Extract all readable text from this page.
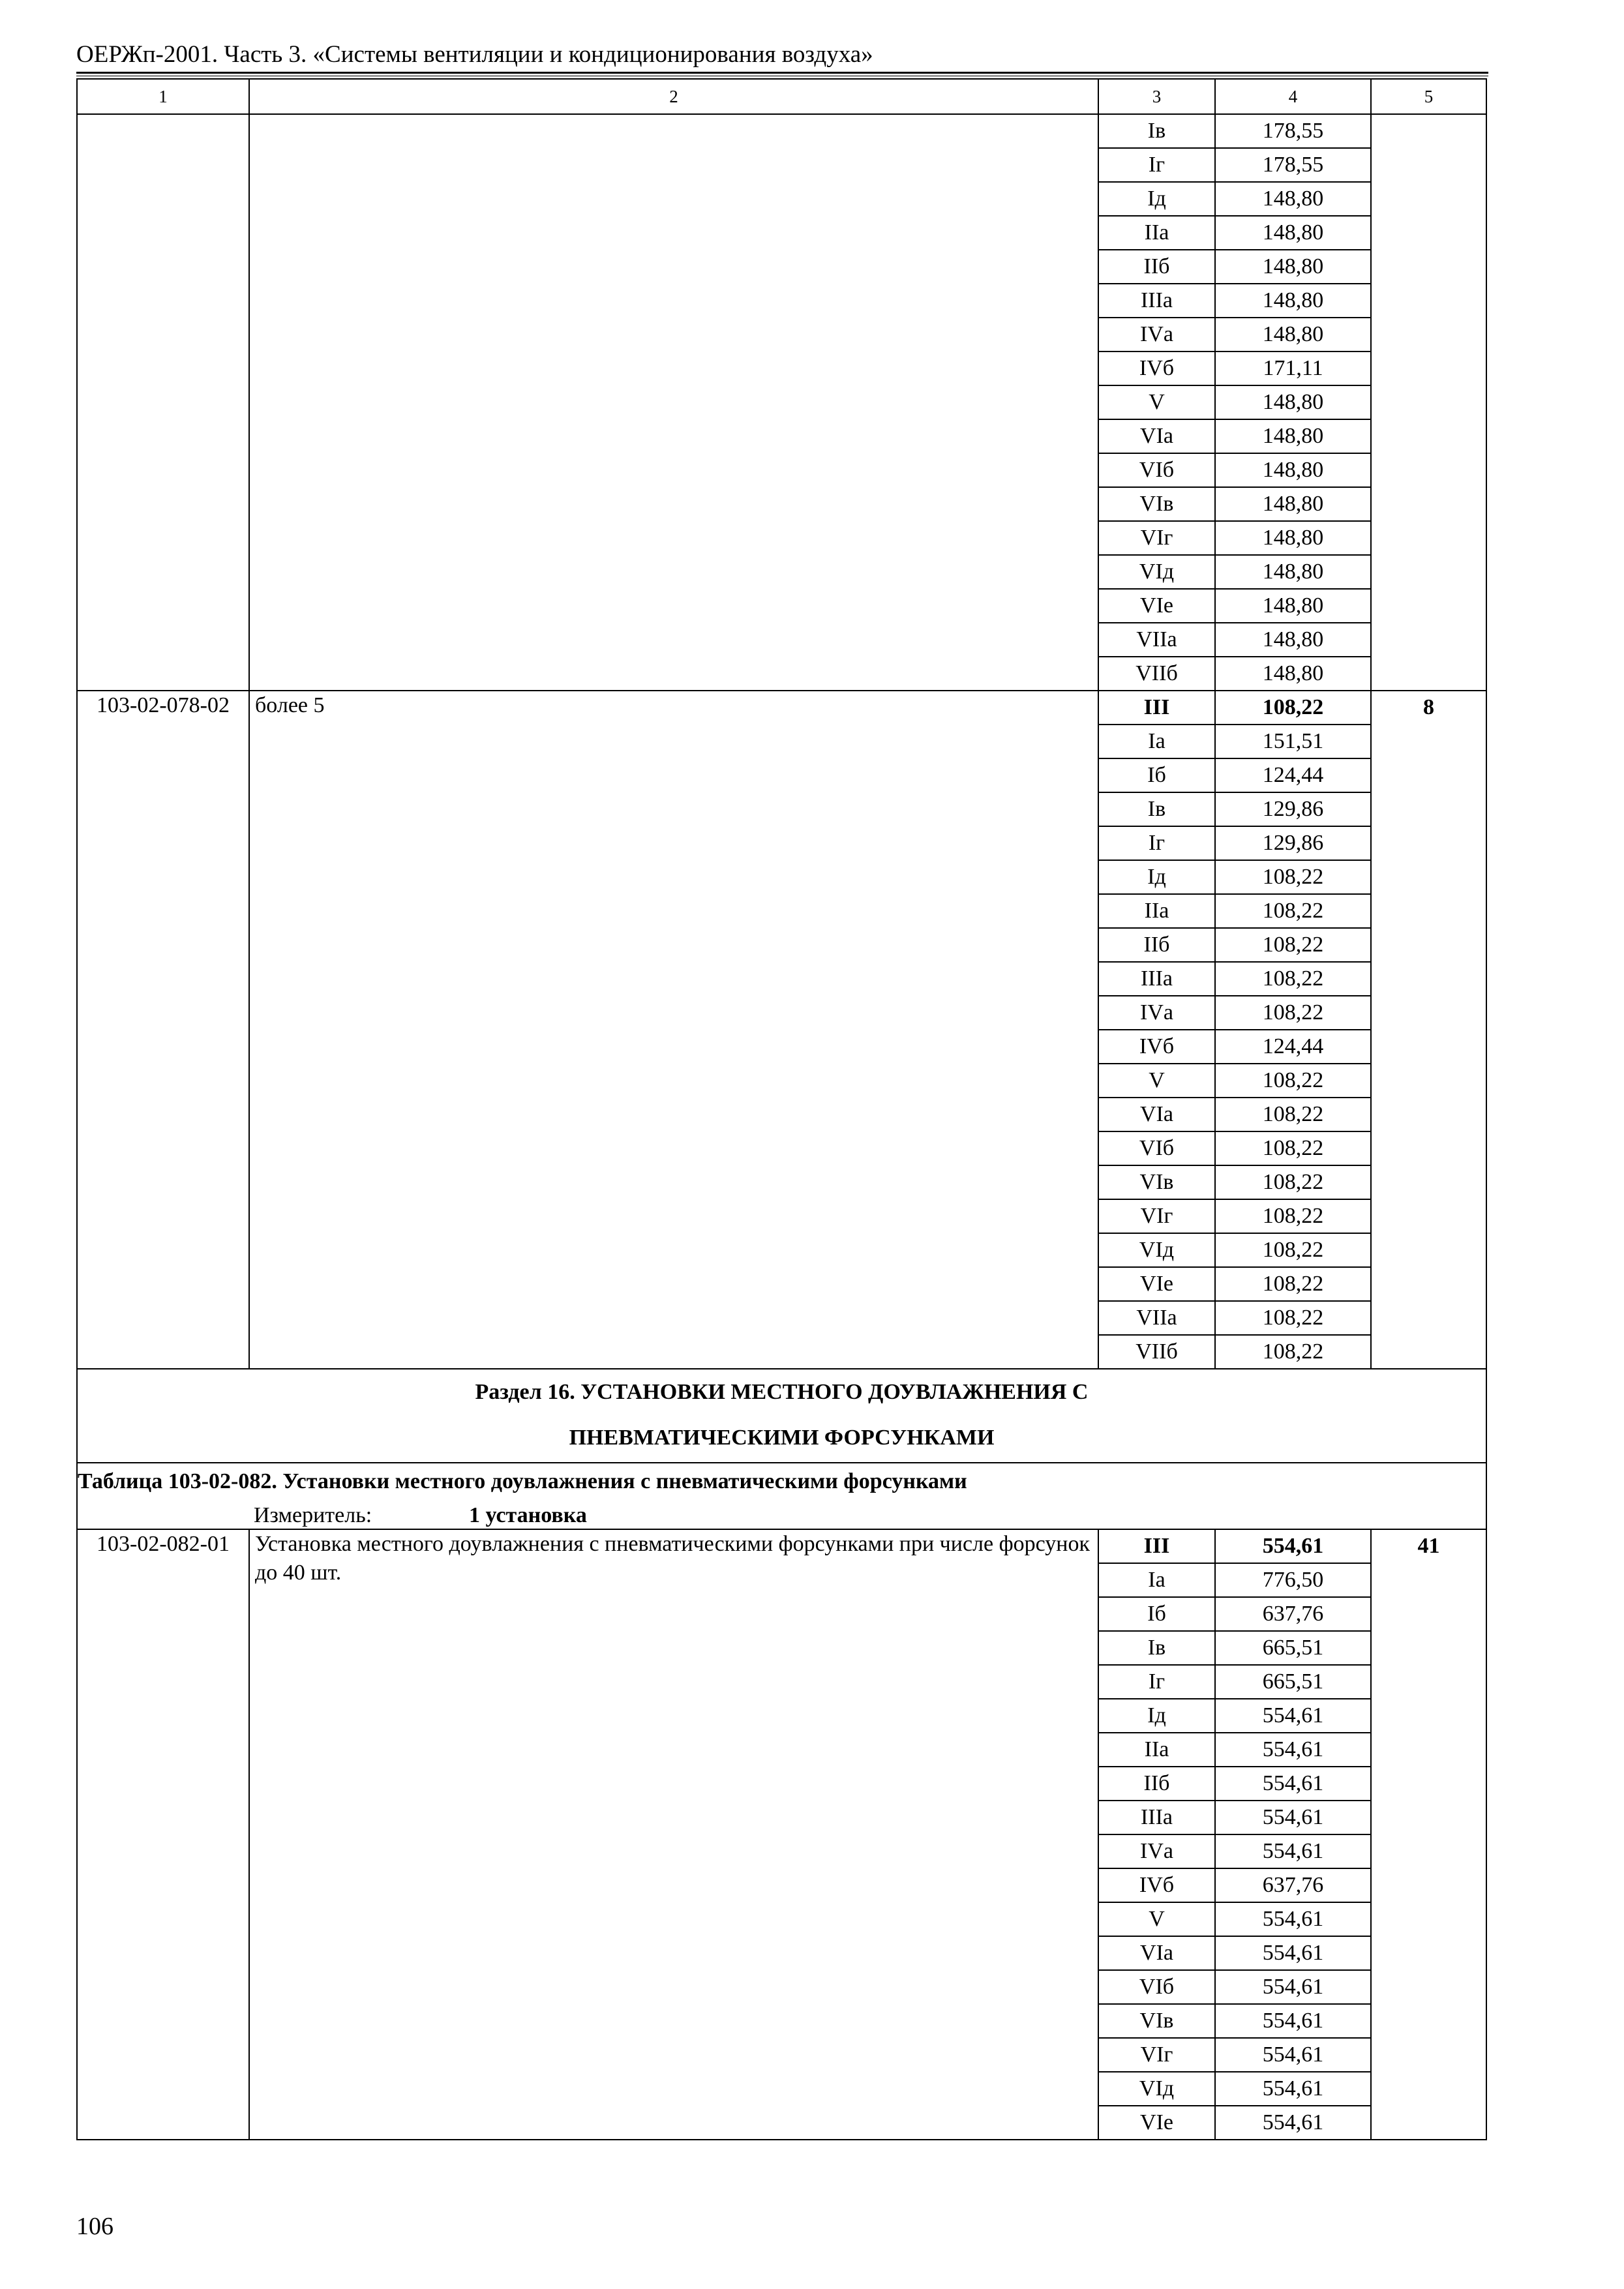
ОЕРЖп-2001. Часть 3. «Системы вентиляции и кондиционирования воздуха»
1	2	3	4	5
		Iв	178,55	
		Iг	178,55	
		Iд	148,80	
		IIа	148,80	
		IIб	148,80	
		IIIа	148,80	
		IVа	148,80	
		IVб	171,11	
		V	148,80	
		VIа	148,80	
		VIб	148,80	
		VIв	148,80	
		VIг	148,80	
		VIд	148,80	
		VIе	148,80	
		VIIа	148,80	
		VIIб	148,80	
103-02-078-02	более 5	III	108,22	8
		Iа	151,51	
		Iб	124,44	
		Iв	129,86	
		Iг	129,86	
		Iд	108,22	
		IIа	108,22	
		IIб	108,22	
		IIIа	108,22	
		IVа	108,22	
		IVб	124,44	
		V	108,22	
		VIа	108,22	
		VIб	108,22	
		VIв	108,22	
		VIг	108,22	
		VIд	108,22	
		VIе	108,22	
		VIIа	108,22	
		VIIб	108,22	

Раздел 16. УСТАНОВКИ МЕСТНОГО ДОУВЛАЖНЕНИЯ С
ПНЕВМАТИЧЕСКИМИ ФОРСУНКАМИ				

Таблица 103-02-082. Установки местного доувлажнения с пневматическими форсунками				
Измеритель: 1 установка				
103-02-082-01	Установка местного доувлажнения с пневматическими форсунками при числе форсунок до 40 шт.	III	554,61	41
		Iа	776,50	
		Iб	637,76	
		Iв	665,51	
		Iг	665,51	
		Iд	554,61	
		IIа	554,61	
		IIб	554,61	
		IIIа	554,61	
		IVа	554,61	
		IVб	637,76	
		V	554,61	
		VIа	554,61	
		VIб	554,61	
		VIв	554,61	
		VIг	554,61	
		VIд	554,61	
		VIе	554,61	
106
